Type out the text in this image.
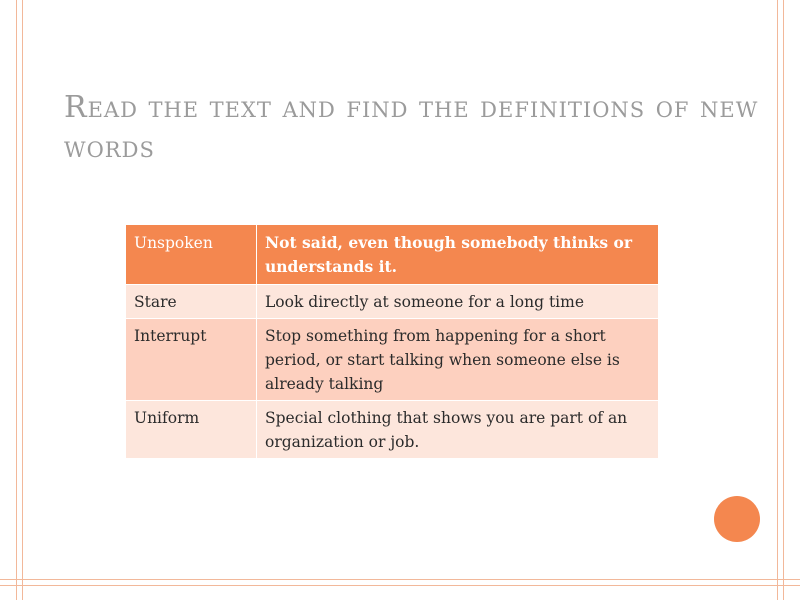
Read the text and find the definitions of new words
Unspoken	Not said, even though somebody thinks or understands it.
Stare	Look directly at someone for a long time
Interrupt	Stop something from happening for a short period, or start talking when someone else is already talking
Uniform	Special clothing that shows you are part of an organization or job.
